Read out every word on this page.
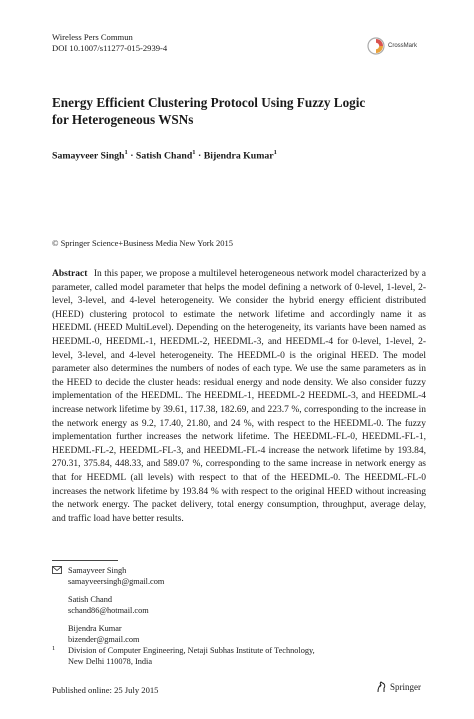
Wireless Pers Commun
DOI 10.1007/s11277-015-2939-4	CrossMark
Energy Efficient Clustering Protocol Using Fuzzy Logic
for Heterogeneous WSNs
Samayveer Singh$^1$ · Satish Chand$^1$ · Bijendra Kumar$^1$
© Springer Science+Business Media New York 2015
Abstract In this paper, we propose a multilevel heterogeneous network model characterized by a parameter, called model parameter that helps the model defining a network of 0-level, 1-level, 2-level, 3-level, and 4-level heterogeneity. We consider the hybrid energy efficient distributed (HEED) clustering protocol to estimate the network lifetime and accordingly name it as HEEDML (HEED MultiLevel). Depending on the heterogeneity, its variants have been named as HEEDML-0, HEEDML-1, HEEDML-2, HEEDML-3, and HEEDML-4 for 0-level, 1-level, 2-level, 3-level, and 4-level heterogeneity. The HEEDML-0 is the original HEED. The model parameter also determines the numbers of nodes of each type. We use the same parameters as in the HEED to decide the cluster heads: residual energy and node density. We also consider fuzzy implementation of the HEEDML. The HEEDML-1, HEEDML-2 HEEDML-3, and HEEDML-4 increase network lifetime by 39.61, 117.38, 182.69, and 223.7 %, corresponding to the increase in the network energy as 9.2, 17.40, 21.80, and 24 %, with respect to the HEEDML-0. The fuzzy implementation further increases the network lifetime. The HEEDML-FL-0, HEEDML-FL-1, HEEDML-FL-2, HEEDML-FL-3, and HEEDML-FL-4 increase the network lifetime by 193.84, 270.31, 375.84, 448.33, and 589.07 %, corresponding to the same increase in network energy as that for HEEDML (all levels) with respect to that of the HEEDML-0. The HEEDML-FL-0 increases the network lifetime by 193.84 % with respect to the original HEED without increasing the network energy. The packet delivery, total energy consumption, throughput, average delay, and traffic load have better results.
Samayveer Singh
samayveersingh@gmail.com
Satish Chand
schand86@hotmail.com
Bijendra Kumar
bizender@gmail.com
1 Division of Computer Engineering, Netaji Subhas Institute of Technology,
New Delhi 110078, India
Published online: 25 July 2015	Springer
